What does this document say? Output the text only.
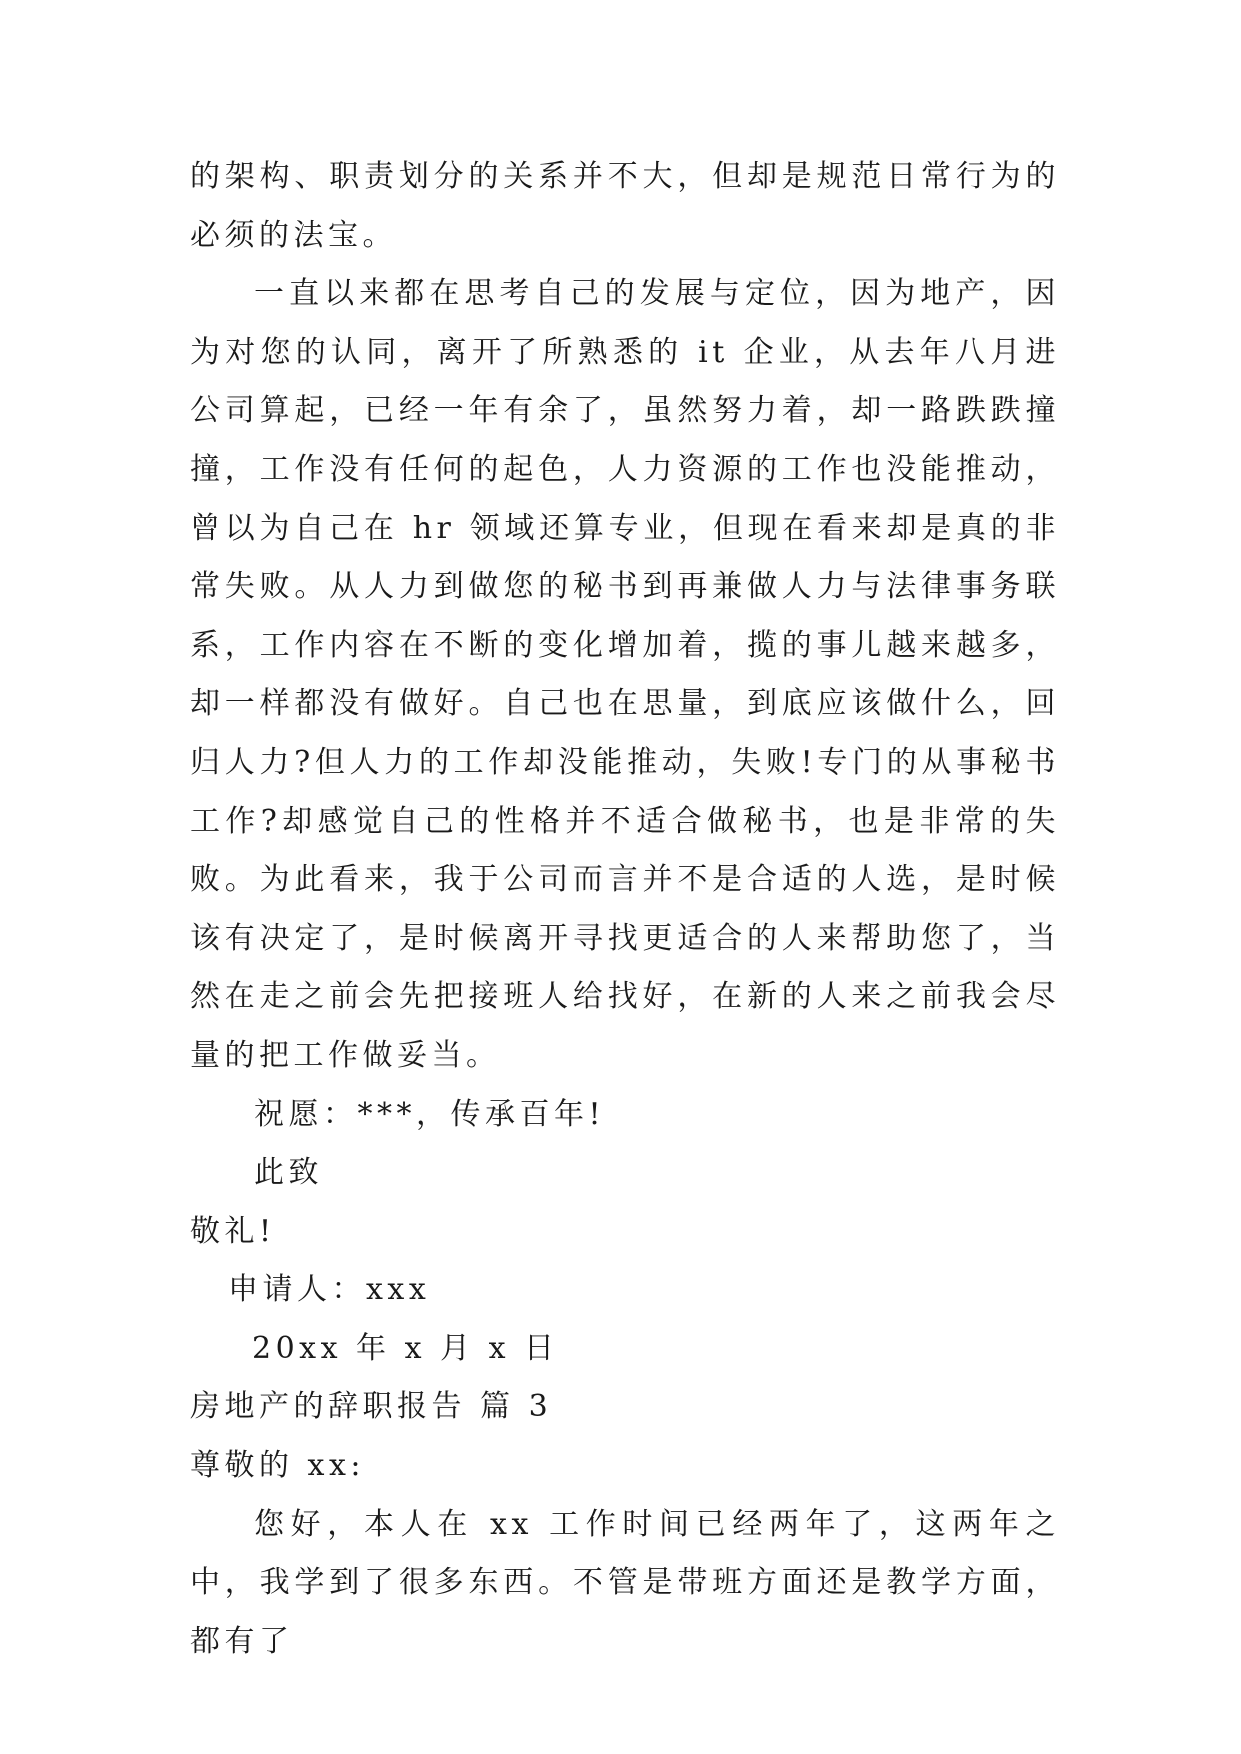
的架构、职责划分的关系并不大，但却是规范日常行为的必须的法宝。

一直以来都在思考自己的发展与定位，因为地产，因为对您的认同，离开了所熟悉的 it 企业，从去年八月进公司算起，已经一年有余了，虽然努力着，却一路跌跌撞撞，工作没有任何的起色，人力资源的工作也没能推动，曾以为自己在 hr 领域还算专业，但现在看来却是真的非常失败。从人力到做您的秘书到再兼做人力与法律事务联系，工作内容在不断的变化增加着，揽的事儿越来越多，却一样都没有做好。自己也在思量，到底应该做什么，回归人力?但人力的工作却没能推动，失败!专门的从事秘书工作?却感觉自己的性格并不适合做秘书，也是非常的失败。为此看来，我于公司而言并不是合适的人选，是时候该有决定了，是时候离开寻找更适合的人来帮助您了，当然在走之前会先把接班人给找好，在新的人来之前我会尽量的把工作做妥当。

祝愿：***，传承百年!

此致

敬礼!

申请人：xxx

20xx 年 x 月 x 日

房地产的辞职报告 篇 3

尊敬的 xx:

您好，本人在 xx 工作时间已经两年了，这两年之中，我学到了很多东西。不管是带班方面还是教学方面，都有了
